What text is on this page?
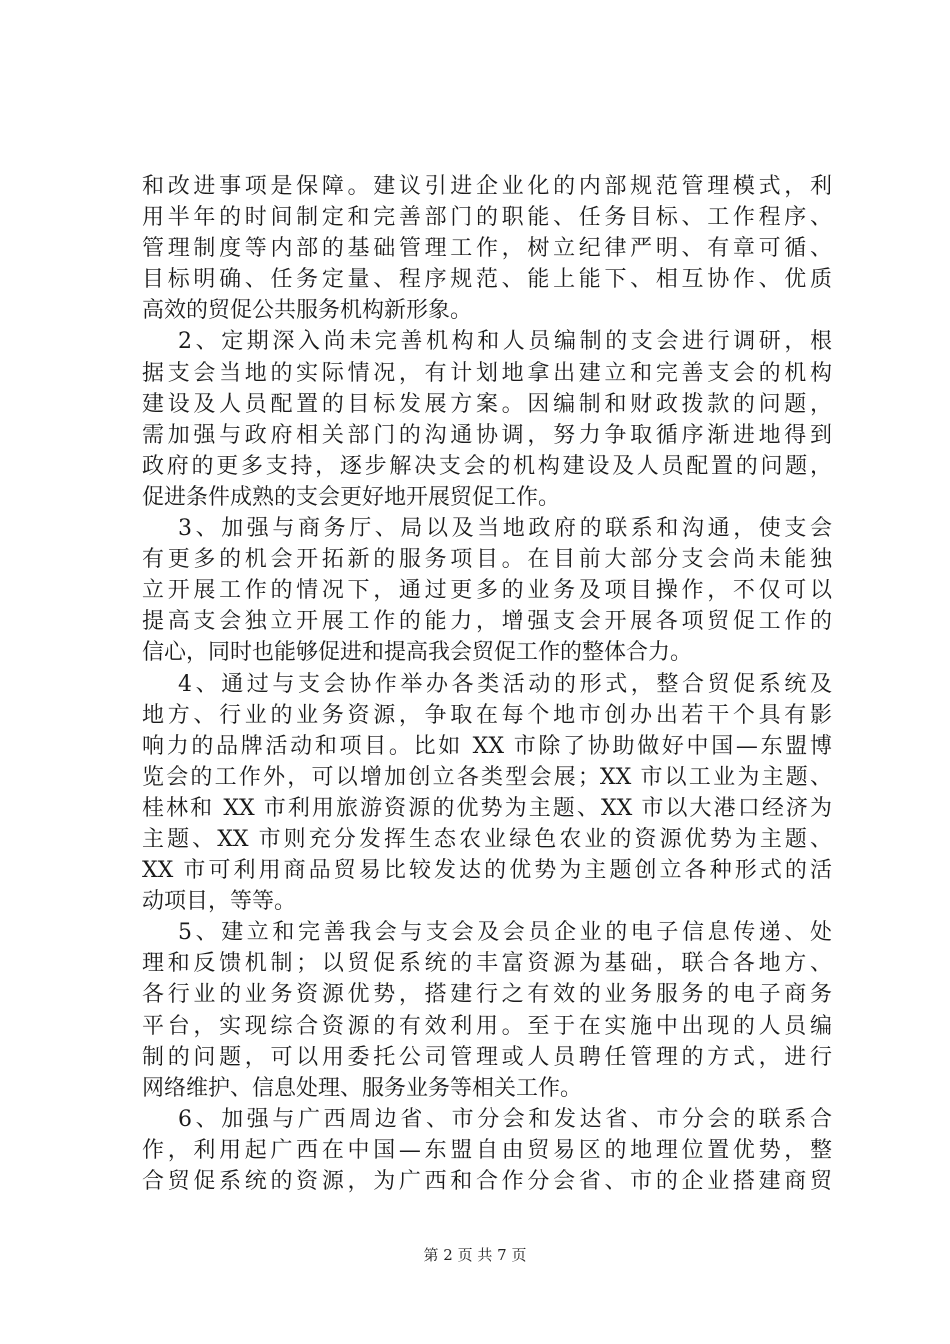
和改进事项是保障。建议引进企业化的内部规范管理模式，利
用半年的时间制定和完善部门的职能、任务目标、工作程序、
管理制度等内部的基础管理工作，树立纪律严明、有章可循、
目标明确、任务定量、程序规范、能上能下、相互协作、优质
高效的贸促公共服务机构新形象。
2、定期深入尚未完善机构和人员编制的支会进行调研，根
据支会当地的实际情况，有计划地拿出建立和完善支会的机构
建设及人员配置的目标发展方案。因编制和财政拨款的问题，
需加强与政府相关部门的沟通协调，努力争取循序渐进地得到
政府的更多支持，逐步解决支会的机构建设及人员配置的问题，
促进条件成熟的支会更好地开展贸促工作。
3、加强与商务厅、局以及当地政府的联系和沟通，使支会
有更多的机会开拓新的服务项目。在目前大部分支会尚未能独
立开展工作的情况下，通过更多的业务及项目操作，不仅可以
提高支会独立开展工作的能力，增强支会开展各项贸促工作的
信心，同时也能够促进和提高我会贸促工作的整体合力。
4、通过与支会协作举办各类活动的形式，整合贸促系统及
地方、行业的业务资源，争取在每个地市创办出若干个具有影
响力的品牌活动和项目。比如 XX 市除了协助做好中国—东盟博
览会的工作外，可以增加创立各类型会展；XX 市以工业为主题、
桂林和 XX 市利用旅游资源的优势为主题、XX 市以大港口经济为
主题、XX 市则充分发挥生态农业绿色农业的资源优势为主题、
XX 市可利用商品贸易比较发达的优势为主题创立各种形式的活
动项目，等等。
5、建立和完善我会与支会及会员企业的电子信息传递、处
理和反馈机制；以贸促系统的丰富资源为基础，联合各地方、
各行业的业务资源优势，搭建行之有效的业务服务的电子商务
平台，实现综合资源的有效利用。至于在实施中出现的人员编
制的问题，可以用委托公司管理或人员聘任管理的方式，进行
网络维护、信息处理、服务业务等相关工作。
6、加强与广西周边省、市分会和发达省、市分会的联系合
作，利用起广西在中国—东盟自由贸易区的地理位置优势，整
合贸促系统的资源，为广西和合作分会省、市的企业搭建商贸
第 2 页 共 7 页
